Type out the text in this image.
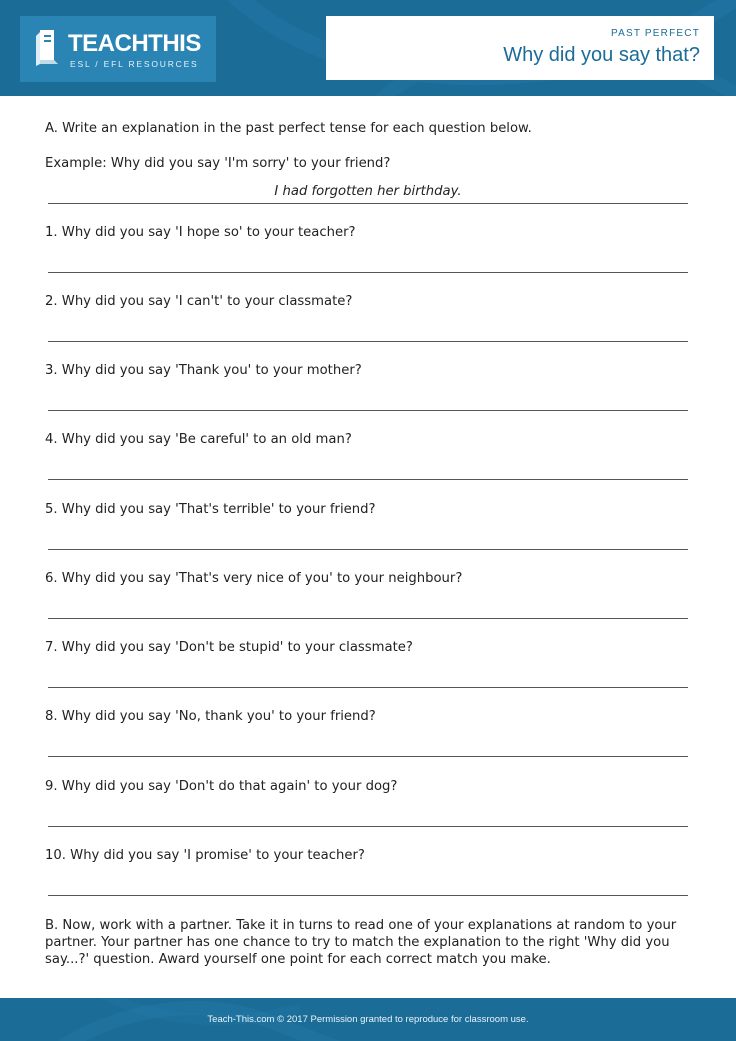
TEACHTHIS
ESL / EFL RESOURCES
PAST PERFECT
Why did you say that?
A. Write an explanation in the past perfect tense for each question below.
Example: Why did you say 'I'm sorry' to your friend?
I had forgotten her birthday.
1. Why did you say 'I hope so' to your teacher?
2. Why did you say 'I can't' to your classmate?
3. Why did you say 'Thank you' to your mother?
4. Why did you say 'Be careful' to an old man?
5. Why did you say 'That's terrible' to your friend?
6. Why did you say 'That's very nice of you' to your neighbour?
7. Why did you say 'Don't be stupid' to your classmate?
8. Why did you say 'No, thank you' to your friend?
9. Why did you say 'Don't do that again' to your dog?
10. Why did you say 'I promise' to your teacher?
B. Now, work with a partner. Take it in turns to read one of your explanations at random to your partner. Your partner has one chance to try to match the explanation to the right 'Why did you say...?' question. Award yourself one point for each correct match you make.
Teach-This.com © 2017 Permission granted to reproduce for classroom use.
